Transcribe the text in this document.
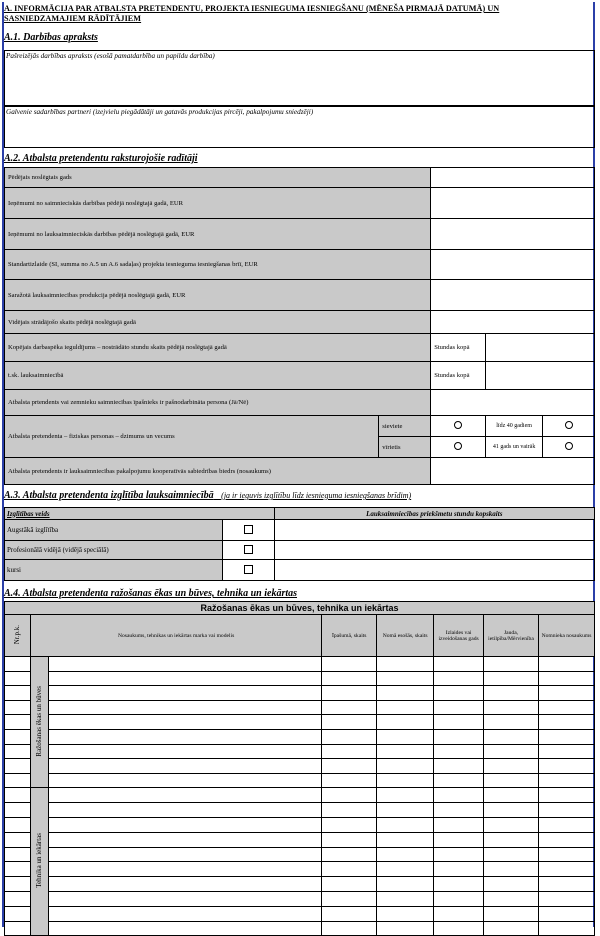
A. INFORMĀCIJA PAR ATBALSTA PRETENDENTU, PROJEKTA IESNIEGUMA IESNIEGŠANU (MĒNEŠA PIRMAJĀ DATUMĀ) UN SASNIEDZAMAJIEM RĀDĪTĀJIEM
A.1. Darbības apraksts
Pašreizējās darbības apraksts (esošā pamatdarbība un papildu darbība)
Galvenie sadarbības partneri (izejvielu piegādātāji un gatavās produkcijas pircēji, pakalpojumu sniedzēji)
A.2. Atbalsta pretendentu raksturojošie radītāji
Pēdējais noslēgtais gads				
Ieņēmumi no saimnieciskās darbības pēdējā noslēgtajā gadā, EUR				
Ieņēmumi no lauksaimnieciskās darbības pēdējā noslēgtajā gadā, EUR				
Standartizlaide (SI, summa no A.5 un A.6 sadaļas) projekta iesnieguma iesniegšanas brīī, EUR				
Saražotā lauksaimniecības produkcija pēdējā noslēgtajā gadā, EUR				
Vidējais strādājošo skaits pēdējā noslēgtajā gadā				
Kopējais darbaspēka ieguldījums – nostrādāto stundu skaits pēdējā noslēgtajā gadā		Stundas kopā		
t.sk. lauksaimniecībā		Stundas kopā		
Atbalsta prtendents vai zemnieku saimniecības īpašnieks ir pašnodarbināta persona (Jā/Nē)				
Atbalsta pretendenta – fiziskas personas – dzimums un vecums	sieviete		līdz 40 gadiem	
	vīrietis		41 gads un vairāk	
Atbalsta pretendents ir lauksaimniecības pakalpojumu kooperatīvās sabiedrības biedrs (nosaukums)				
A.3. Atbalsta pretendenta izglītība lauksaimniecībā (ja ir ieguvis izglītību līdz iesnieguma iesniegšanas brīdim)
Izglītības veids		Lauksaimniecības priekšmetu stundu kopskaits
Augstākā izglītība		
Profesionālā vidējā (vidējā speciālā)		
kursi		
A.4. Atbalsta pretendenta ražošanas ēkas un būves, tehnika un iekārtas
Ražošanas ēkas un būves, tehnika un iekārtas							
Nr.p.k.	Nosaukums, tehnikas un iekārtas marka vai modelis		Īpašumā, skaits	Nomā esošās, skaits	Izlaides vai izveidošanas gads	Jauda, ietilpība/Mērvienība	Nomnieka nosaukums
	Ražošanas ēkas un būves						

	Tehnika un iekārtas						
